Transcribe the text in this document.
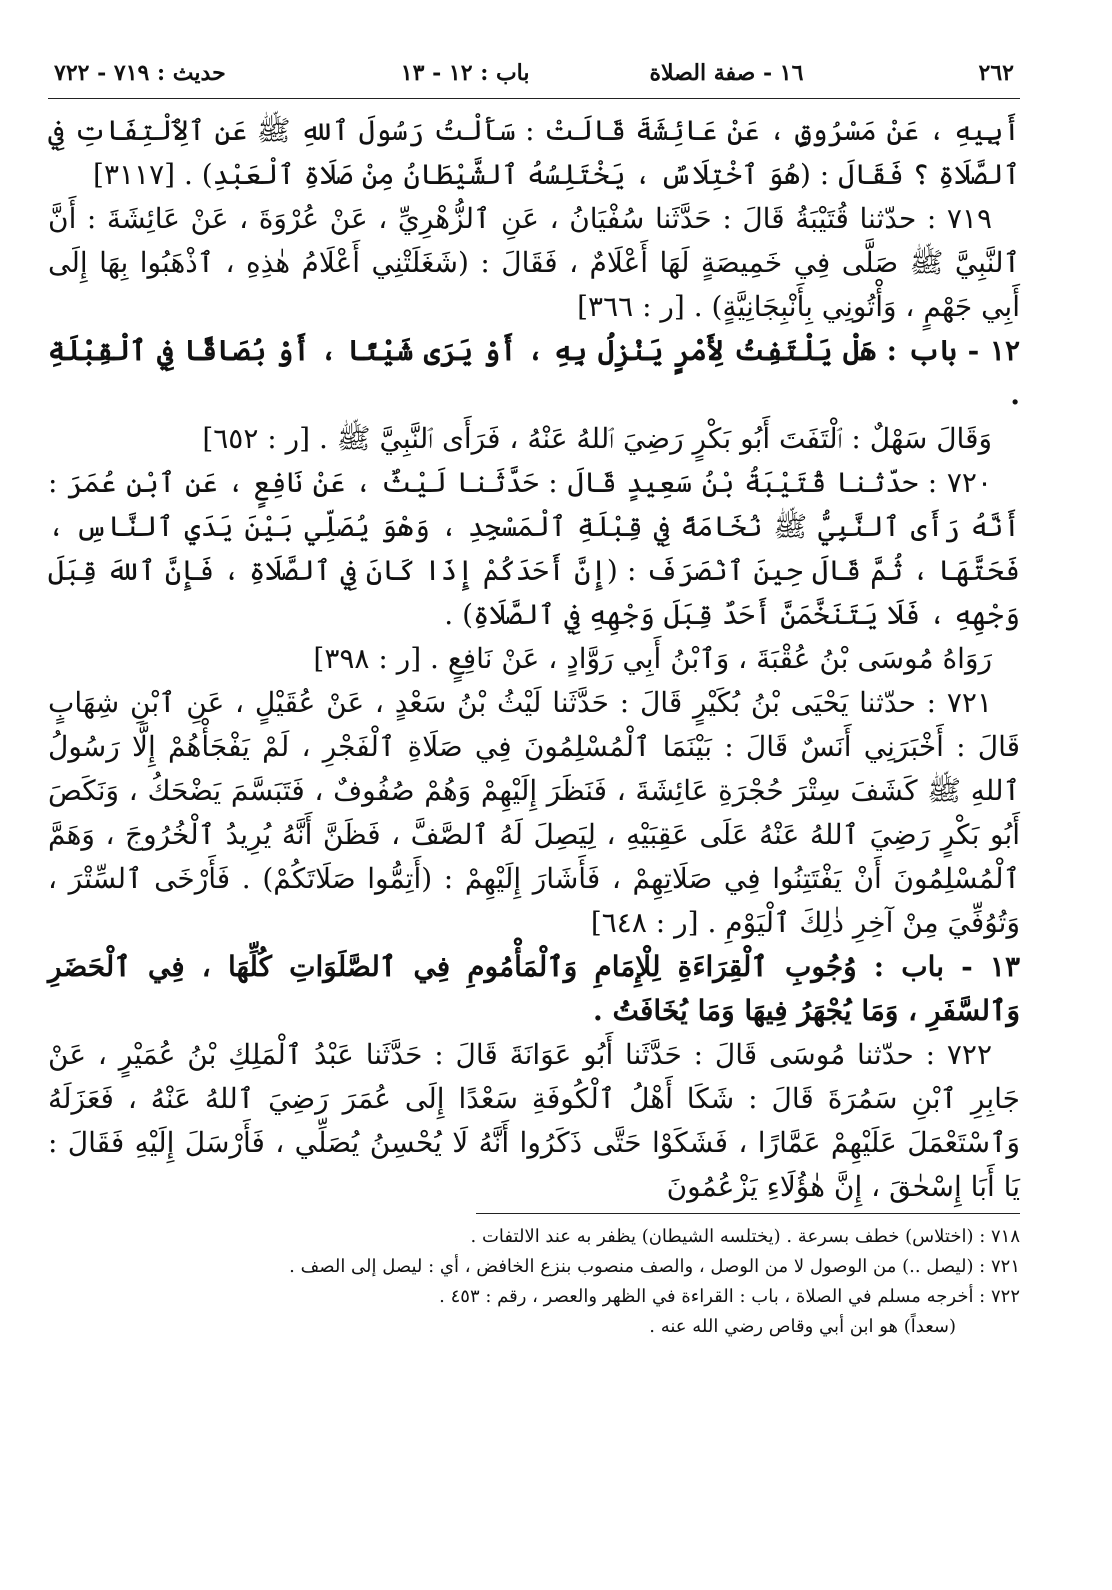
٢٦٢
١٦ - صفة الصلاة
باب : ١٢ - ١٣
حديث : ٧١٩ - ٧٢٢

أَبِيهِ ، عَنْ مَسْرُوقٍ ، عَنْ عَائِشَةَ قَالَتْ : سَأَلْتُ رَسُولَ ٱللهِ ﷺ عَنِ ٱلِٱلْتِفَاتِ فِي ٱلصَّلَاةِ ؟ فَقَالَ : (هُوَ ٱخْتِلَاسٌ ، يَخْتَلِسُهُ ٱلشَّيْطَانُ مِنْ صَلَاةِ ٱلْعَبْدِ) . [٣١١٧]

٧١٩ : حدّثنا قُتَيْبَةُ قَالَ : حَدَّثَنا سُفْيَانُ ، عَنِ ٱلزُّهْرِيِّ ، عَنْ عُرْوَةَ ، عَنْ عَائِشَةَ : أَنَّ ٱلنَّبِيَّ ﷺ صَلَّى فِي خَمِيصَةٍ لَهَا أَعْلَامٌ ، فَقَالَ : (شَغَلَتْنِي أَعْلَامُ هٰذِهِ ، ٱذْهَبُوا بِهَا إِلَى أَبِي جَهْمٍ ، وَأْتُونِي بِأَنْبِجَانِيَّةٍ) . [ر : ٣٦٦]

١٢ - باب : هَلْ يَلْتَفِتُ لِأَمْرٍ يَنْزِلُ بِهِ ، أَوْ يَرَى شَيْئًا ، أَوْ بُصَاقًا فِي ٱلْقِبْلَةِ .

وَقَالَ سَهْلٌ : ٱلْتَفَتَ أَبُو بَكْرٍ رَضِيَ ٱللهُ عَنْهُ ، فَرَأَى ٱلنَّبِيَّ ﷺ . [ر : ٦٥٢]

٧٢٠ : حدّثنا قُتَيْبَةُ بْنُ سَعِيدٍ قَالَ : حَدَّثَنا لَيْثٌ ، عَنْ نَافِعٍ ، عَنِ ٱبْنِ عُمَرَ : أَنَّهُ رَأَى ٱلنَّبِيُّ ﷺ نُخَامَةً فِي قِبْلَةِ ٱلْمَسْجِدِ ، وَهْوَ يُصَلِّي بَيْنَ يَدَيِ ٱلنَّاسِ ، فَحَتَّهَا ، ثُمَّ قَالَ حِينَ ٱنْصَرَفَ : (إِنَّ أَحَدَكُمْ إِذَا كَانَ فِي ٱلصَّلَاةِ ، فَإِنَّ ٱللهَ قِبَلَ وَجْهِهِ ، فَلَا يَتَنَخَّمَنَّ أَحَدٌ قِبَلَ وَجْهِهِ فِي ٱلصَّلَاةِ) .

رَوَاهُ مُوسَى بْنُ عُقْبَةَ ، وَٱبْنُ أَبِي رَوَّادٍ ، عَنْ نَافِعٍ . [ر : ٣٩٨]

٧٢١ : حدّثنا يَحْيَى بْنُ بُكَيْرٍ قَالَ : حَدَّثَنا لَيْثُ بْنُ سَعْدٍ ، عَنْ عُقَيْلٍ ، عَنِ ٱبْنِ شِهَابٍ قَالَ : أَخْبَرَنِي أَنَسٌ قَالَ : بَيْنَمَا ٱلْمُسْلِمُونَ فِي صَلَاةِ ٱلْفَجْرِ ، لَمْ يَفْجَأْهُمْ إِلَّا رَسُولُ ٱللهِ ﷺ كَشَفَ سِتْرَ حُجْرَةِ عَائِشَةَ ، فَنَظَرَ إِلَيْهِمْ وَهُمْ صُفُوفٌ ، فَتَبَسَّمَ يَضْحَكُ ، وَنَكَصَ أَبُو بَكْرٍ رَضِيَ ٱللهُ عَنْهُ عَلَى عَقِبَيْهِ ، لِيَصِلَ لَهُ ٱلصَّفَّ ، فَظَنَّ أَنَّهُ يُرِيدُ ٱلْخُرُوجَ ، وَهَمَّ ٱلْمُسْلِمُونَ أَنْ يَفْتَتِنُوا فِي صَلَاتِهِمْ ، فَأَشَارَ إِلَيْهِمْ : (أَتِمُّوا صَلَاتَكُمْ) . فَأَرْخَى ٱلسِّتْرَ ، وَتُوُفِّيَ مِنْ آخِرِ ذٰلِكَ ٱلْيَوْمِ . [ر : ٦٤٨]

١٣ - باب : وُجُوبِ ٱلْقِرَاءَةِ لِلْإِمَامِ وَٱلْمَأْمُومِ فِي ٱلصَّلَوَاتِ كُلِّهَا ، فِي ٱلْحَضَرِ وَٱلسَّفَرِ ، وَمَا يُجْهَرُ فِيهَا وَمَا يُخَافَتُ .

٧٢٢ : حدّثنا مُوسَى قَالَ : حَدَّثَنا أَبُو عَوَانَةَ قَالَ : حَدَّثَنا عَبْدُ ٱلْمَلِكِ بْنُ عُمَيْرٍ ، عَنْ جَابِرِ ٱبْنِ سَمُرَةَ قَالَ : شَكَا أَهْلُ ٱلْكُوفَةِ سَعْدًا إِلَى عُمَرَ رَضِيَ ٱللهُ عَنْهُ ، فَعَزَلَهُ وَٱسْتَعْمَلَ عَلَيْهِمْ عَمَّارًا ، فَشَكَوْا حَتَّى ذَكَرُوا أَنَّهُ لَا يُحْسِنُ يُصَلِّي ، فَأَرْسَلَ إِلَيْهِ فَقَالَ : يَا أَبَا إِسْحٰقَ ، إِنَّ هٰؤُلَاءِ يَزْعُمُونَ

٧١٨ : (اختلاس) خطف بسرعة . (يختلسه الشيطان) يظفر به عند الالتفات .

٧٢١ : (ليصل ..) من الوصول لا من الوصل ، والصف منصوب بنزع الخافض ، أي : ليصل إلى الصف .

٧٢٢ : أخرجه مسلم في الصلاة ، باب : القراءة في الظهر والعصر ، رقم : ٤٥٣ .

(سعداً) هو ابن أبي وقاص رضي الله عنه .
